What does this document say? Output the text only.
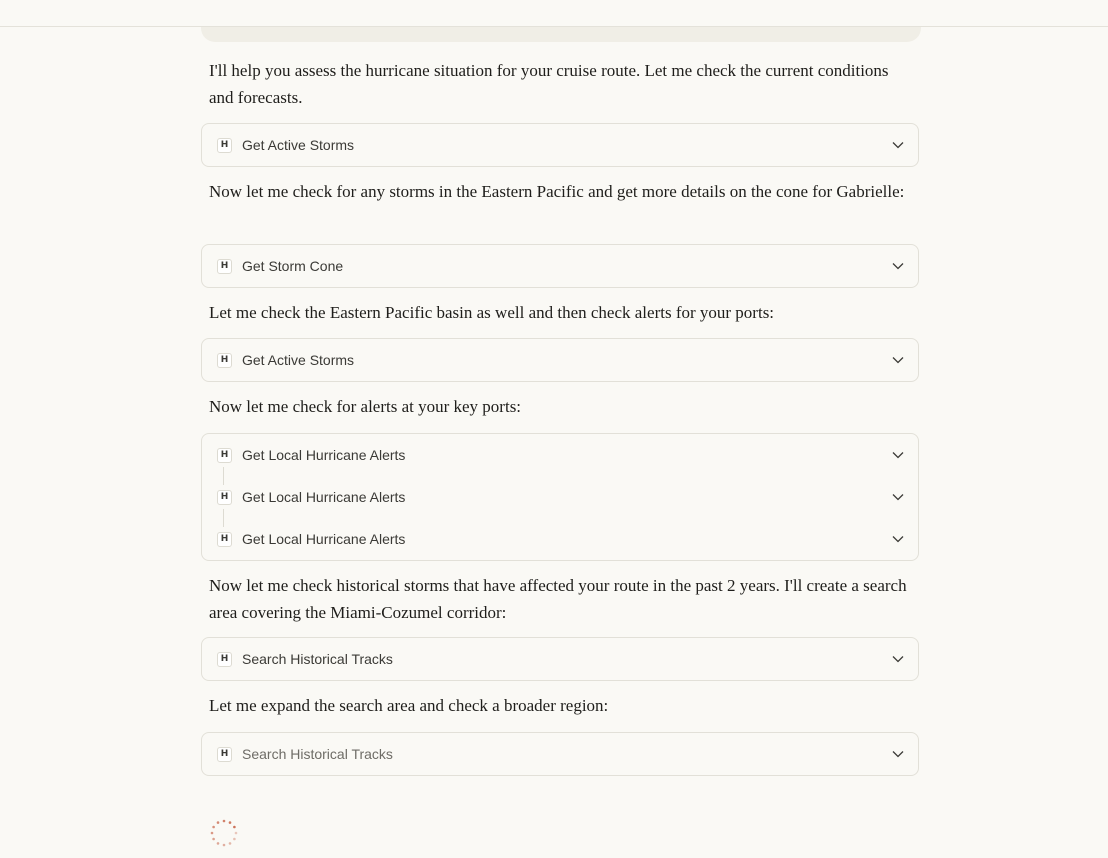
I'll help you assess the hurricane situation for your cruise route. Let me check the current conditions and forecasts.

H Get Active Storms

Now let me check for any storms in the Eastern Pacific and get more details on the cone for Gabrielle:

H Get Storm Cone

Let me check the Eastern Pacific basin as well and then check alerts for your ports:

H Get Active Storms

Now let me check for alerts at your key ports:

H Get Local Hurricane Alerts
H Get Local Hurricane Alerts
H Get Local Hurricane Alerts

Now let me check historical storms that have affected your route in the past 2 years. I'll create a search area covering the Miami-Cozumel corridor:

H Search Historical Tracks

Let me expand the search area and check a broader region:

H Search Historical Tracks
